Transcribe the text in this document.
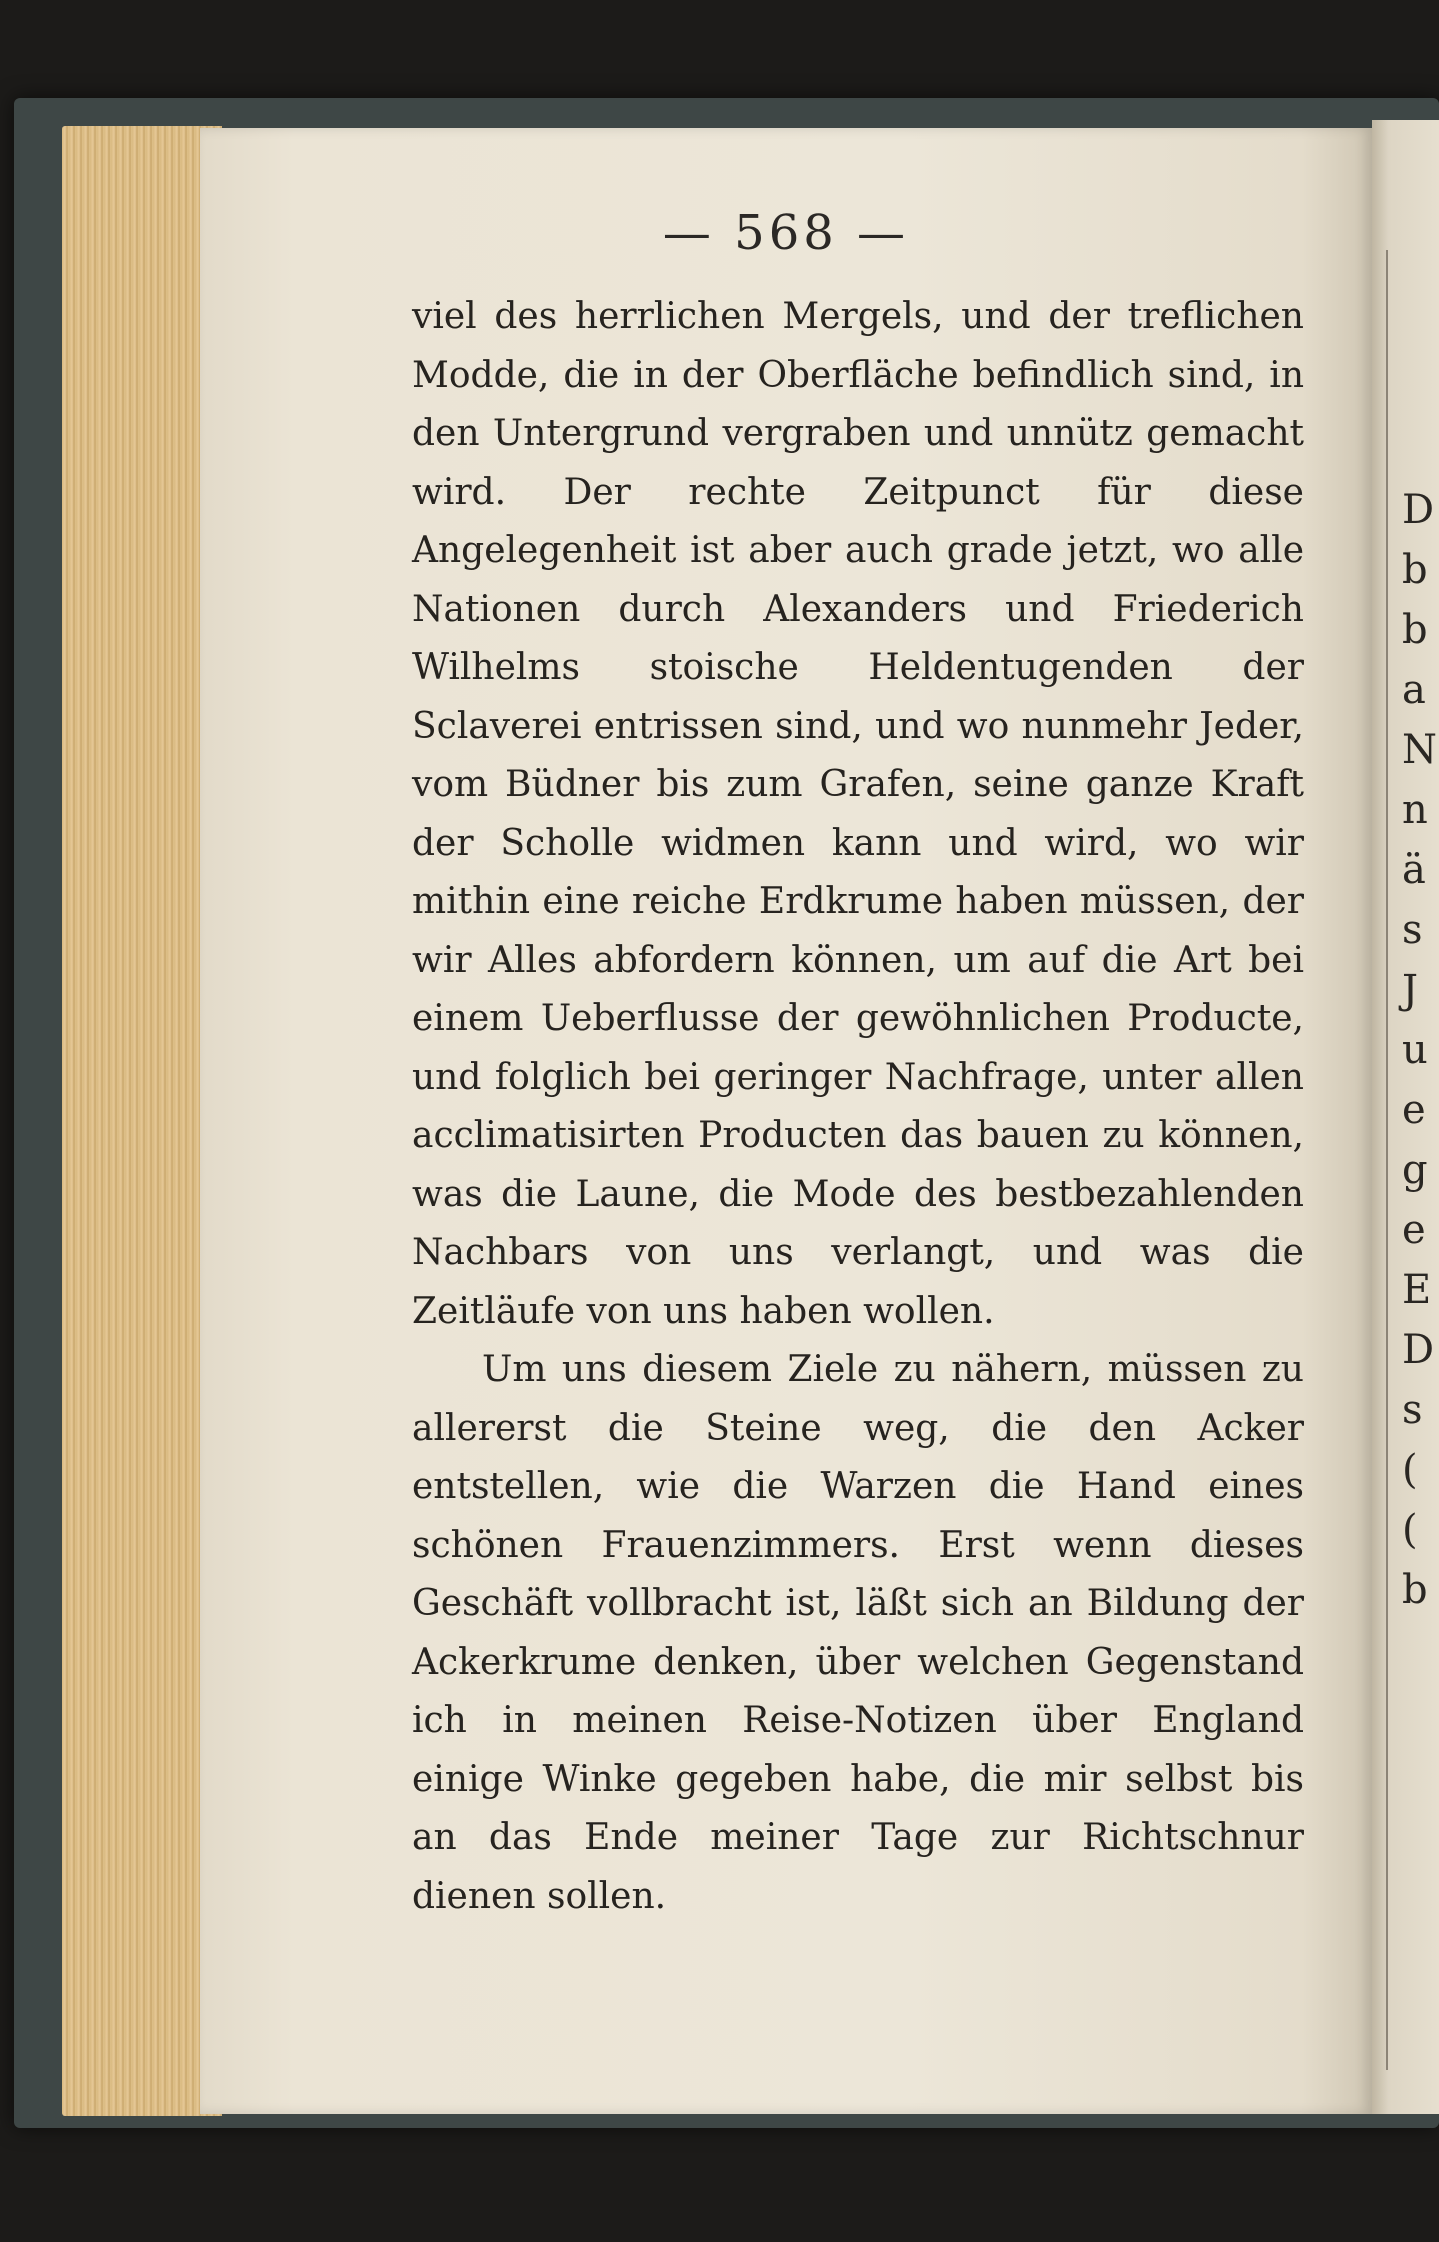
D
b
b
a
N
n
ä
s
J
u
e
g
e
E
D
s
(
(
b
— 568 —

viel des herrlichen Mergels, und der treflichen Modde, die in der Oberfläche befindlich sind, in den Untergrund vergraben und unnütz gemacht wird. Der rechte Zeitpunct für diese Angelegenheit ist aber auch grade jetzt, wo alle Nationen durch Alexanders und Friederich Wilhelms stoische Heldentugenden der Sclaverei entrissen sind, und wo nunmehr Jeder, vom Büdner bis zum Grafen, seine ganze Kraft der Scholle widmen kann und wird, wo wir mithin eine reiche Erdkrume haben müssen, der wir Alles abfordern können, um auf die Art bei einem Ueberflusse der gewöhnlichen Producte, und folglich bei geringer Nachfrage, unter allen acclimatisirten Producten das bauen zu können, was die Laune, die Mode des bestbezahlenden Nachbars von uns verlangt, und was die Zeitläufe von uns haben wollen.

Um uns diesem Ziele zu nähern, müssen zu allererst die Steine weg, die den Acker entstellen, wie die Warzen die Hand eines schönen Frauenzimmers. Erst wenn dieses Geschäft vollbracht ist, läßt sich an Bildung der Ackerkrume denken, über welchen Gegenstand ich in meinen Reise-Notizen über England einige Winke gegeben habe, die mir selbst bis an das Ende meiner Tage zur Richtschnur dienen sollen.
